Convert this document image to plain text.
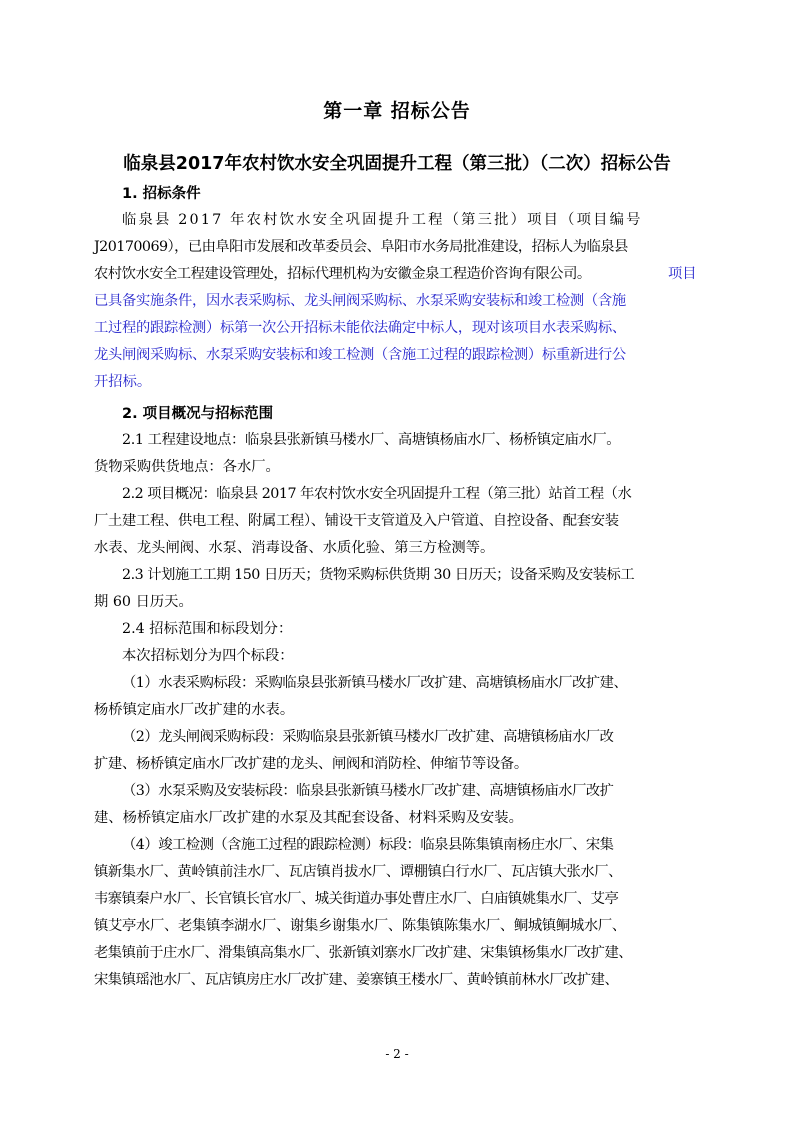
第一章 招标公告
临泉县2017年农村饮水安全巩固提升工程（第三批）（二次）招标公告
1. 招标条件
临泉县 2017 年农村饮水安全巩固提升工程（第三批）项目（项目编号
J20170069），已由阜阳市发展和改革委员会、阜阳市水务局批准建设，招标人为临泉县
农村饮水安全工程建设管理处，招标代理机构为安徽金泉工程造价咨询有限公司。	项目
已具备实施条件，因水表采购标、龙头闸阀采购标、水泵采购安装标和竣工检测（含施
工过程的跟踪检测）标第一次公开招标未能依法确定中标人，现对该项目水表采购标、
龙头闸阀采购标、水泵采购安装标和竣工检测（含施工过程的跟踪检测）标重新进行公
开招标。
2. 项目概况与招标范围
2.1 工程建设地点：临泉县张新镇马楼水厂、高塘镇杨庙水厂、杨桥镇定庙水厂。
货物采购供货地点：各水厂。
2.2 项目概况：临泉县 2017 年农村饮水安全巩固提升工程（第三批）站首工程（水
厂土建工程、供电工程、附属工程）、铺设干支管道及入户管道、自控设备、配套安装
水表、龙头闸阀、水泵、消毒设备、水质化验、第三方检测等。
2.3 计划施工工期 150 日历天；货物采购标供货期 30 日历天；设备采购及安装标工
期 60 日历天。
2.4 招标范围和标段划分：
本次招标划分为四个标段：
（1）水表采购标段：采购临泉县张新镇马楼水厂改扩建、高塘镇杨庙水厂改扩建、
杨桥镇定庙水厂改扩建的水表。
（2）龙头闸阀采购标段：采购临泉县张新镇马楼水厂改扩建、高塘镇杨庙水厂改
扩建、杨桥镇定庙水厂改扩建的龙头、闸阀和消防栓、伸缩节等设备。
（3）水泵采购及安装标段：临泉县张新镇马楼水厂改扩建、高塘镇杨庙水厂改扩
建、杨桥镇定庙水厂改扩建的水泵及其配套设备、材料采购及安装。
（4）竣工检测（含施工过程的跟踪检测）标段：临泉县陈集镇南杨庄水厂、宋集
镇新集水厂、黄岭镇前洼水厂、瓦店镇肖拔水厂、谭棚镇白行水厂、瓦店镇大张水厂、
韦寨镇秦户水厂、长官镇长官水厂、城关街道办事处曹庄水厂、白庙镇姚集水厂、艾亭
镇艾亭水厂、老集镇李湖水厂、谢集乡谢集水厂、陈集镇陈集水厂、鲖城镇鲖城水厂、
老集镇前于庄水厂、滑集镇高集水厂、张新镇刘寨水厂改扩建、宋集镇杨集水厂改扩建、
宋集镇瑶池水厂、瓦店镇房庄水厂改扩建、姜寨镇王楼水厂、黄岭镇前林水厂改扩建、
- 2 -
